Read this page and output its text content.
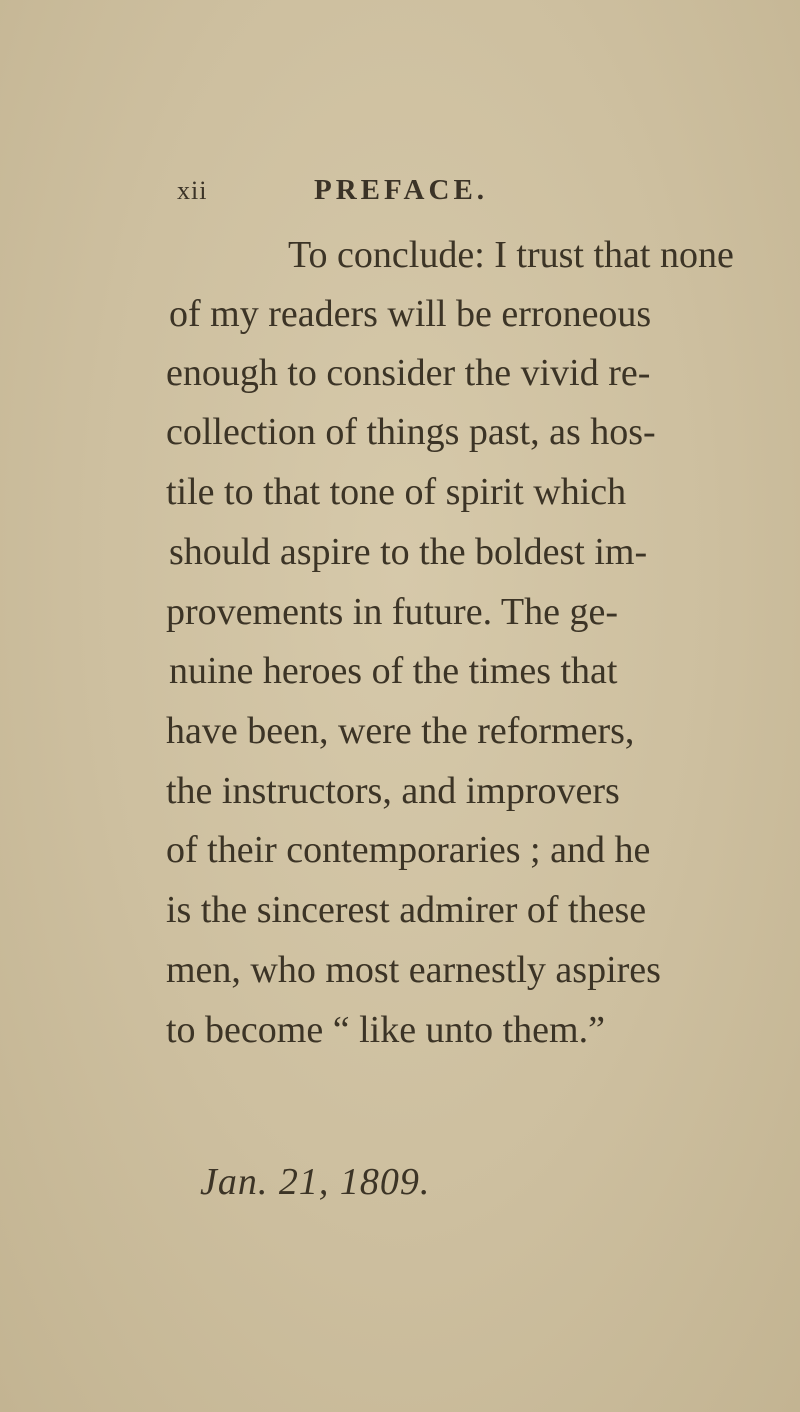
xii	PREFACE.
To conclude: I trust that none
of my readers will be erroneous
enough to consider the vivid re-
collection of things past, as hos-
tile to that tone of spirit which
should aspire to the boldest im-
provements in future. The ge-
nuine heroes of the times that
have been, were the reformers,
the instructors, and improvers
of their contemporaries ; and he
is the sincerest admirer of these
men, who most earnestly aspires
to become “ like unto them.”
Jan. 21, 1809.
